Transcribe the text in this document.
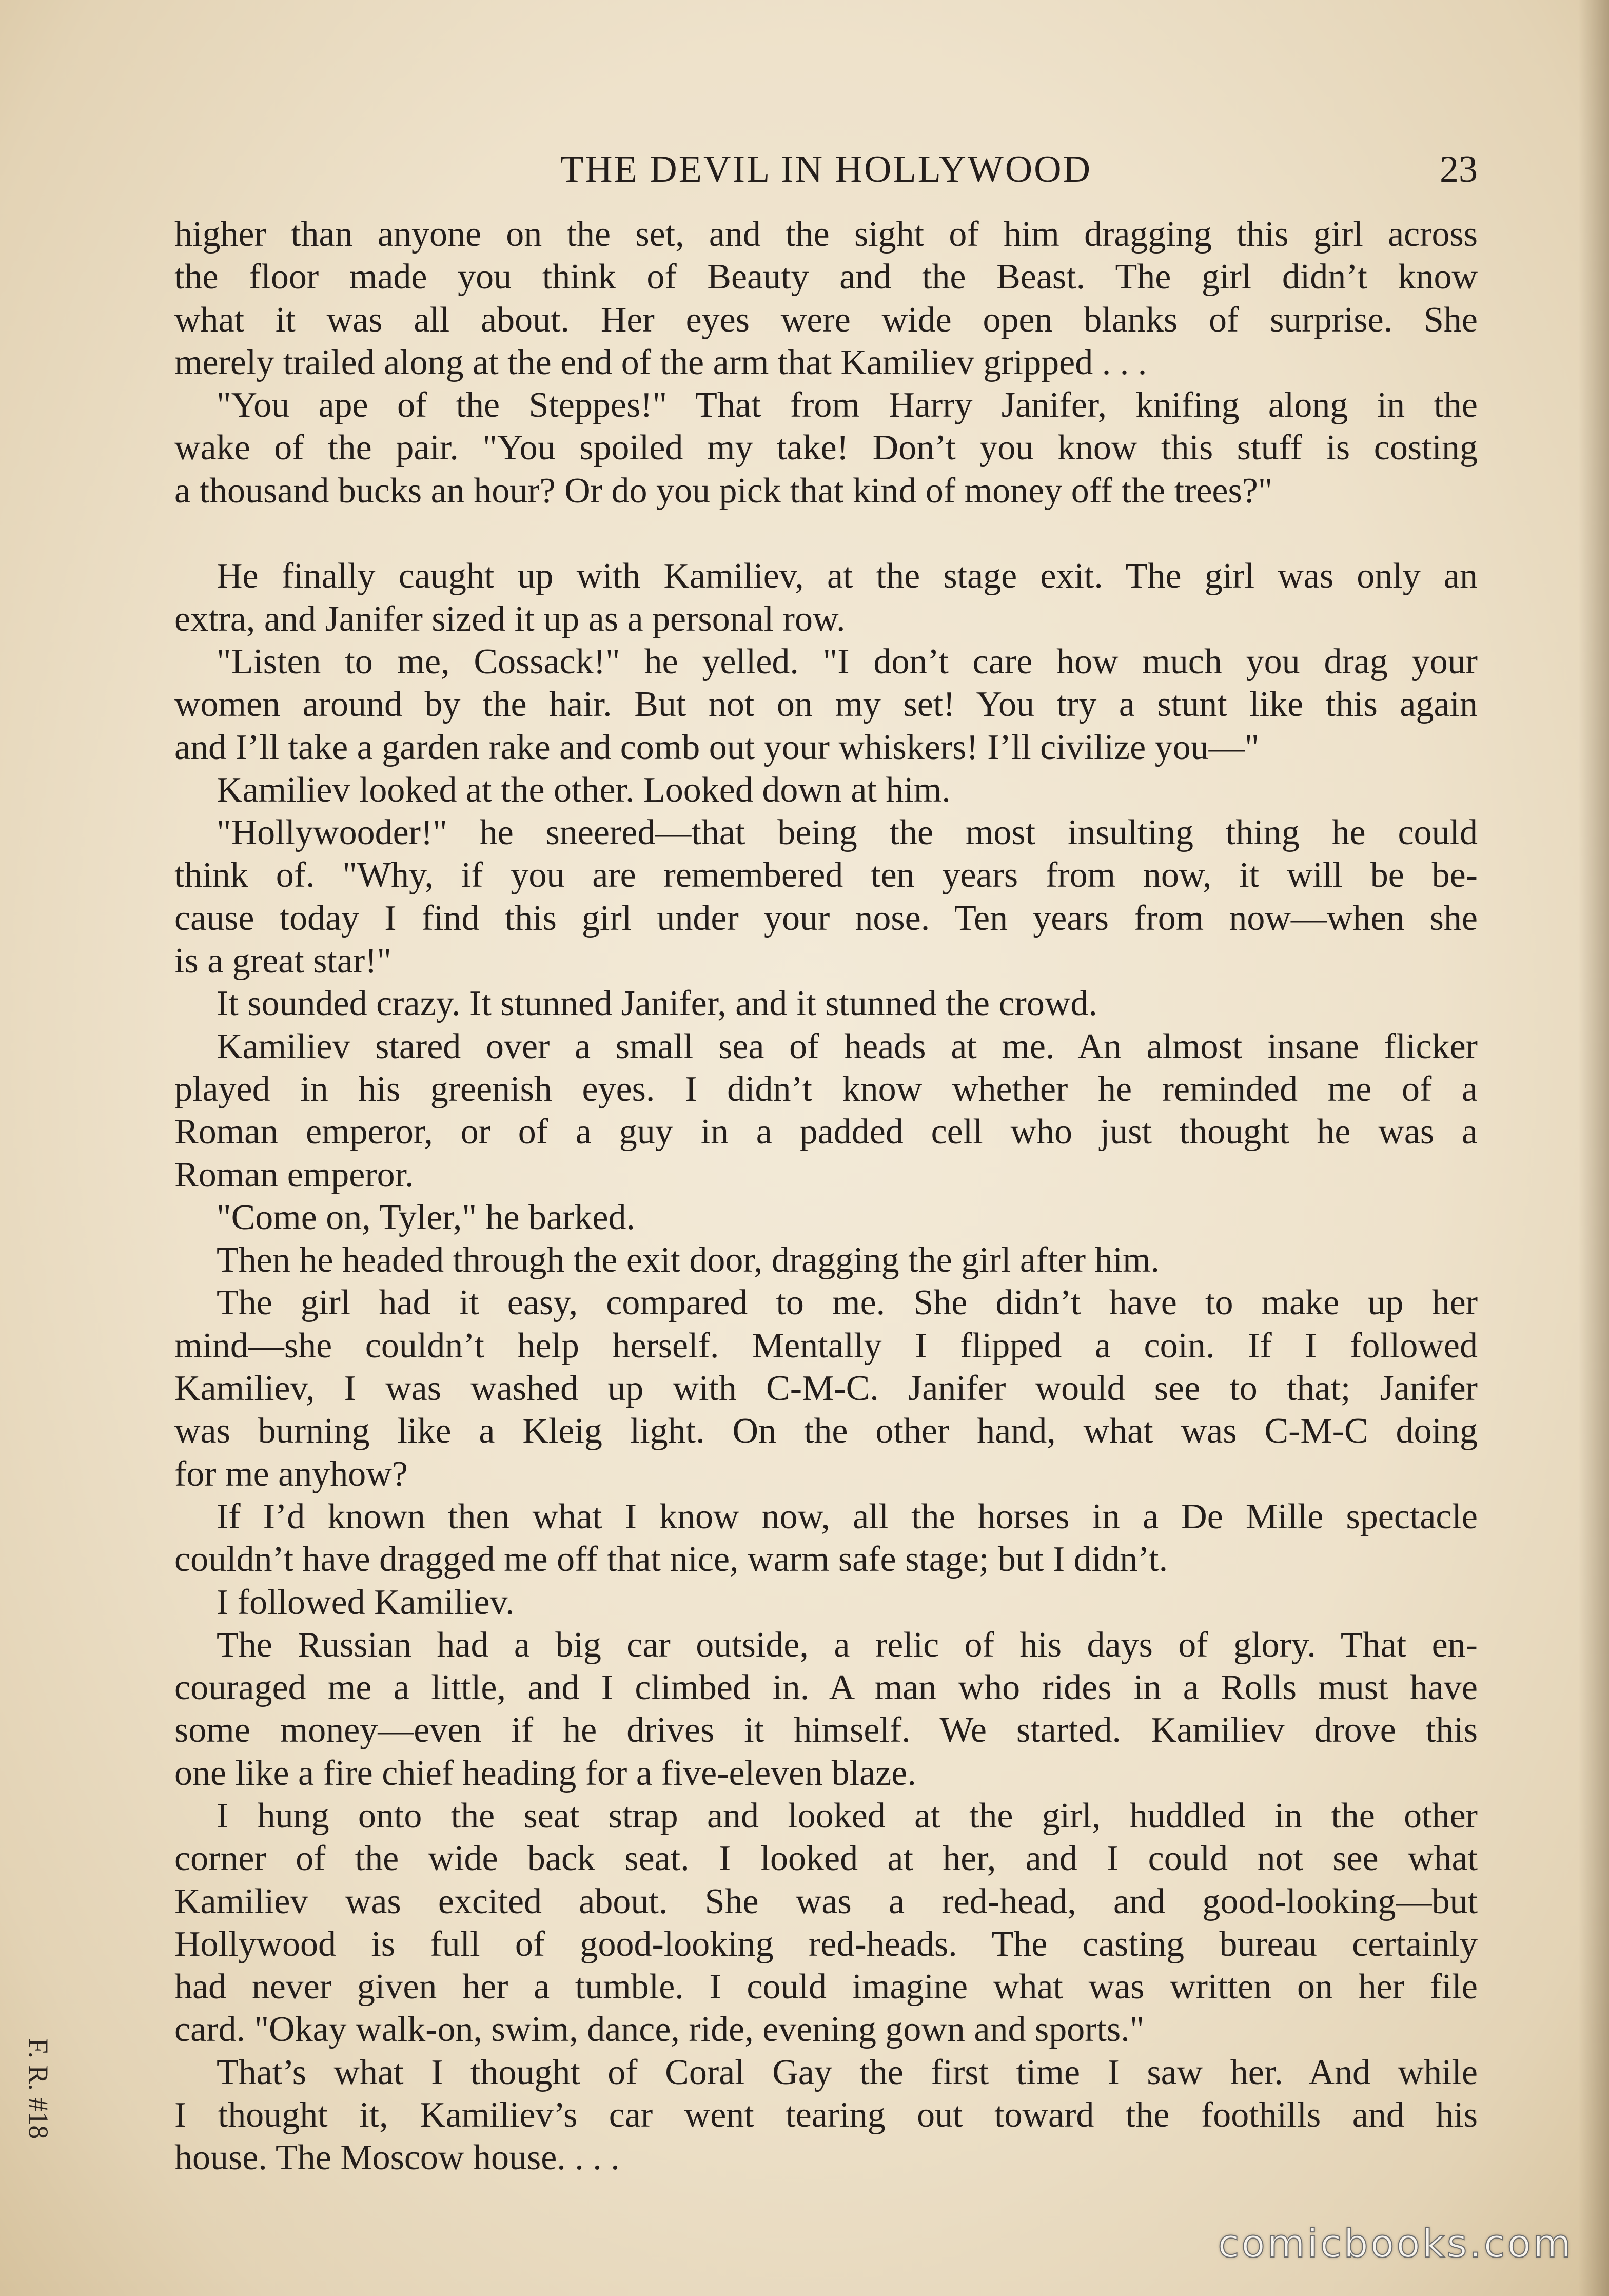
THE DEVIL IN HOLLYWOOD	23
higher than anyone on the set, and the sight of him dragging this girl across
the floor made you think of Beauty and the Beast. The girl didn’t know
what it was all about. Her eyes were wide open blanks of surprise. She
merely trailed along at the end of the arm that Kamiliev gripped . . .
"You ape of the Steppes!" That from Harry Janifer, knifing along in the
wake of the pair. "You spoiled my take! Don’t you know this stuff is costing
a thousand bucks an hour? Or do you pick that kind of money off the trees?"
He finally caught up with Kamiliev, at the stage exit. The girl was only an
extra, and Janifer sized it up as a personal row.
"Listen to me, Cossack!" he yelled. "I don’t care how much you drag your
women around by the hair. But not on my set! You try a stunt like this again
and I’ll take a garden rake and comb out your whiskers! I’ll civilize you—"
Kamiliev looked at the other. Looked down at him.
"Hollywooder!" he sneered—that being the most insulting thing he could
think of. "Why, if you are remembered ten years from now, it will be be-
cause today I find this girl under your nose. Ten years from now—when she
is a great star!"
It sounded crazy. It stunned Janifer, and it stunned the crowd.
Kamiliev stared over a small sea of heads at me. An almost insane flicker
played in his greenish eyes. I didn’t know whether he reminded me of a
Roman emperor, or of a guy in a padded cell who just thought he was a
Roman emperor.
"Come on, Tyler," he barked.
Then he headed through the exit door, dragging the girl after him.
The girl had it easy, compared to me. She didn’t have to make up her
mind—she couldn’t help herself. Mentally I flipped a coin. If I followed
Kamiliev, I was washed up with C-M-C. Janifer would see to that; Janifer
was burning like a Kleig light. On the other hand, what was C-M-C doing
for me anyhow?
If I’d known then what I know now, all the horses in a De Mille spectacle
couldn’t have dragged me off that nice, warm safe stage; but I didn’t.
I followed Kamiliev.
The Russian had a big car outside, a relic of his days of glory. That en-
couraged me a little, and I climbed in. A man who rides in a Rolls must have
some money—even if he drives it himself. We started. Kamiliev drove this
one like a fire chief heading for a five-eleven blaze.
I hung onto the seat strap and looked at the girl, huddled in the other
corner of the wide back seat. I looked at her, and I could not see what
Kamiliev was excited about. She was a red-head, and good-looking—but
Hollywood is full of good-looking red-heads. The casting bureau certainly
had never given her a tumble. I could imagine what was written on her file
card. "Okay walk-on, swim, dance, ride, evening gown and sports."
That’s what I thought of Coral Gay the first time I saw her. And while
I thought it, Kamiliev’s car went tearing out toward the foothills and his
house. The Moscow house. . . .
F. R. #18
comicbooks.com
